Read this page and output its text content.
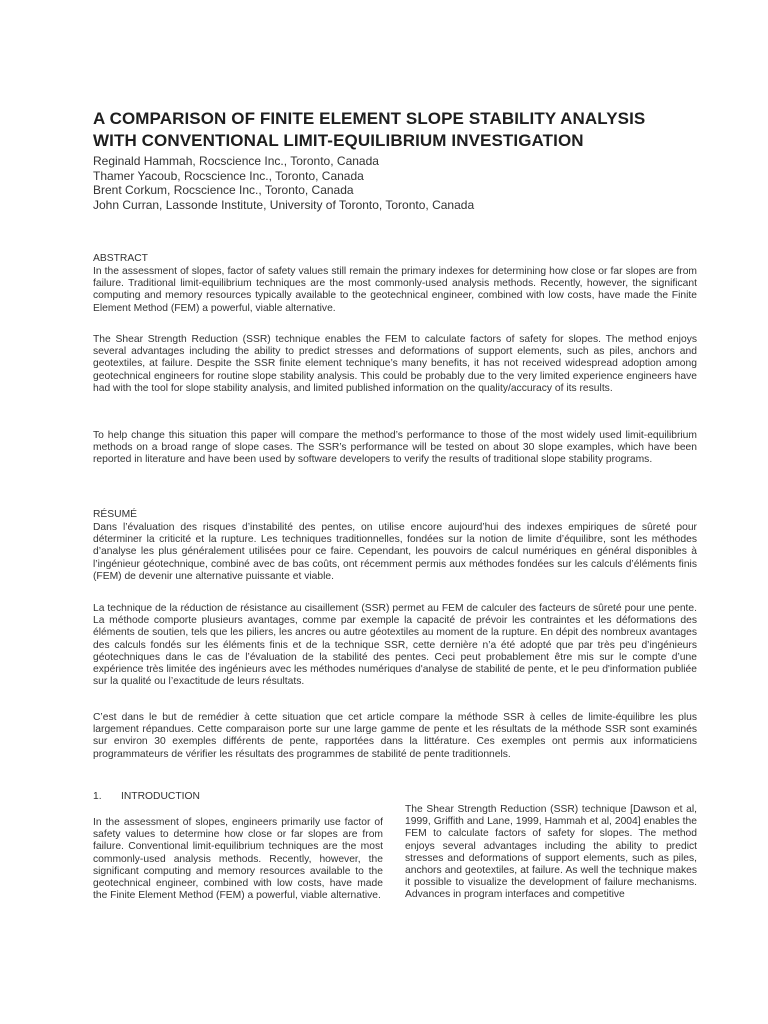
A COMPARISON OF FINITE ELEMENT SLOPE STABILITY ANALYSIS WITH CONVENTIONAL LIMIT-EQUILIBRIUM INVESTIGATION
Reginald Hammah, Rocscience Inc., Toronto, Canada
Thamer Yacoub, Rocscience Inc., Toronto, Canada
Brent Corkum, Rocscience Inc., Toronto, Canada
John Curran, Lassonde Institute, University of Toronto, Toronto, Canada
ABSTRACT

In the assessment of slopes, factor of safety values still remain the primary indexes for determining how close or far slopes are from failure. Traditional limit-equilibrium techniques are the most commonly-used analysis methods. Recently, however, the significant computing and memory resources typically available to the geotechnical engineer, combined with low costs, have made the Finite Element Method (FEM) a powerful, viable alternative.

The Shear Strength Reduction (SSR) technique enables the FEM to calculate factors of safety for slopes. The method enjoys several advantages including the ability to predict stresses and deformations of support elements, such as piles, anchors and geotextiles, at failure. Despite the SSR finite element technique’s many benefits, it has not received widespread adoption among geotechnical engineers for routine slope stability analysis. This could be probably due to the very limited experience engineers have had with the tool for slope stability analysis, and limited published information on the quality/accuracy of its results.

To help change this situation this paper will compare the method’s performance to those of the most widely used limit-equilibrium methods on a broad range of slope cases. The SSR’s performance will be tested on about 30 slope examples, which have been reported in literature and have been used by software developers to verify the results of traditional slope stability programs.

RÉSUMÉ

Dans l’évaluation des risques d’instabilité des pentes, on utilise encore aujourd’hui des indexes empiriques de sûreté pour déterminer la criticité et la rupture. Les techniques traditionnelles, fondées sur la notion de limite d’équilibre, sont les méthodes d’analyse les plus généralement utilisées pour ce faire. Cependant, les pouvoirs de calcul numériques en général disponibles à l’ingénieur géotechnique, combiné avec de bas coûts, ont récemment permis aux méthodes fondées sur les calculs d’éléments finis (FEM) de devenir une alternative puissante et viable.

La technique de la réduction de résistance au cisaillement (SSR) permet au FEM de calculer des facteurs de sûreté pour une pente. La méthode comporte plusieurs avantages, comme par exemple la capacité de prévoir les contraintes et les déformations des éléments de soutien, tels que les piliers, les ancres ou autre géotextiles au moment de la rupture. En dépit des nombreux avantages des calculs fondés sur les éléments finis et de la technique SSR, cette dernière n’a été adopté que par très peu d’ingénieurs géotechniques dans le cas de l’évaluation de la stabilité des pentes. Ceci peut probablement être mis sur le compte d’une expérience très limitée des ingénieurs avec les méthodes numériques d'analyse de stabilité de pente, et le peu d'information publiée sur la qualité ou l’exactitude de leurs résultats.

C’est dans le but de remédier à cette situation que cet article compare la méthode SSR à celles de limite-équilibre les plus largement répandues. Cette comparaison porte sur une large gamme de pente et les résultats de la méthode SSR sont examinés sur environ 30 exemples différents de pente, rapportées dans la littérature. Ces exemples ont permis aux informaticiens programmateurs de vérifier les résultats des programmes de stabilité de pente traditionnels.

1. INTRODUCTION

In the assessment of slopes, engineers primarily use factor of safety values to determine how close or far slopes are from failure. Conventional limit-equilibrium techniques are the most commonly-used analysis methods. Recently, however, the significant computing and memory resources available to the geotechnical engineer, combined with low costs, have made the Finite Element Method (FEM) a powerful, viable alternative.

The Shear Strength Reduction (SSR) technique [Dawson et al, 1999, Griffith and Lane, 1999, Hammah et al, 2004] enables the FEM to calculate factors of safety for slopes. The method enjoys several advantages including the ability to predict stresses and deformations of support elements, such as piles, anchors and geotextiles, at failure. As well the technique makes it possible to visualize the development of failure mechanisms. Advances in program interfaces and competitive
